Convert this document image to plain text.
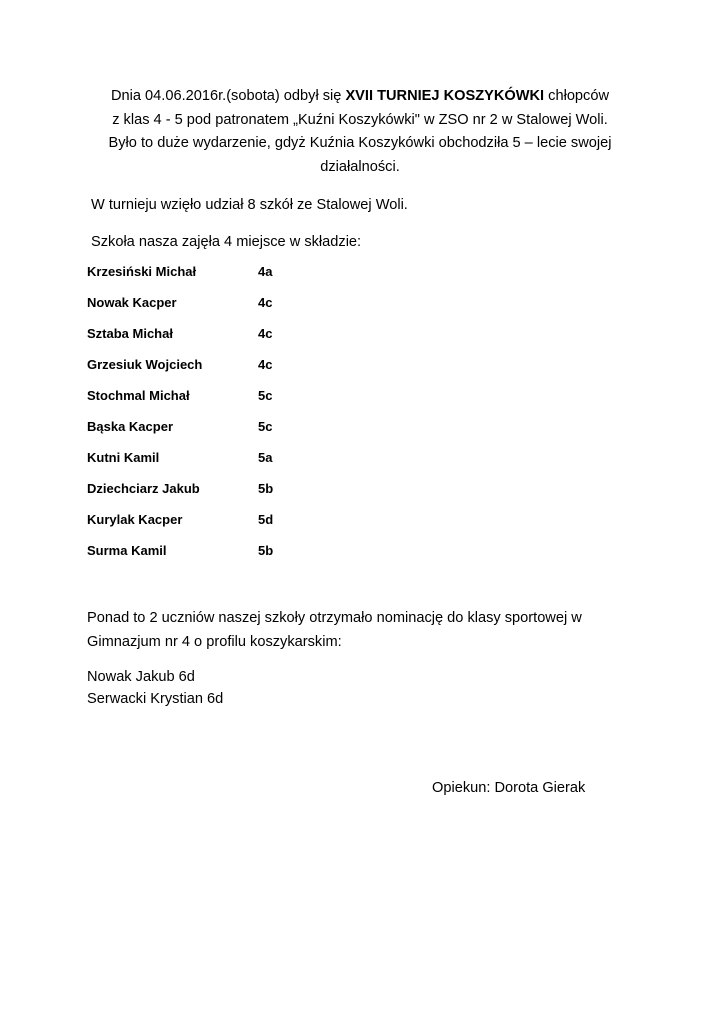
Dnia 04.06.2016r.(sobota) odbył się XVII TURNIEJ KOSZYKÓWKI chłopców
z klas 4 - 5 pod patronatem „Kuźni Koszykówki" w ZSO nr 2 w Stalowej Woli.
Było to duże wydarzenie, gdyż Kuźnia Koszykówki obchodziła 5 – lecie swojej
działalności.
W turnieju wzięło udział 8 szkół ze Stalowej Woli.
Szkoła nasza zajęła 4 miejsce w składzie:
Krzesiński Michał	4a
Nowak Kacper	4c
Sztaba Michał	4c
Grzesiuk Wojciech	4c
Stochmal Michał	5c
Bąska Kacper	5c
Kutni Kamil	5a
Dziechciarz Jakub	5b
Kurylak Kacper	5d
Surma Kamil	5b
Ponad to 2 uczniów naszej szkoły otrzymało nominację do klasy sportowej w
Gimnazjum nr 4 o profilu koszykarskim:
Nowak Jakub 6d
Serwacki Krystian 6d
Opiekun: Dorota Gierak
